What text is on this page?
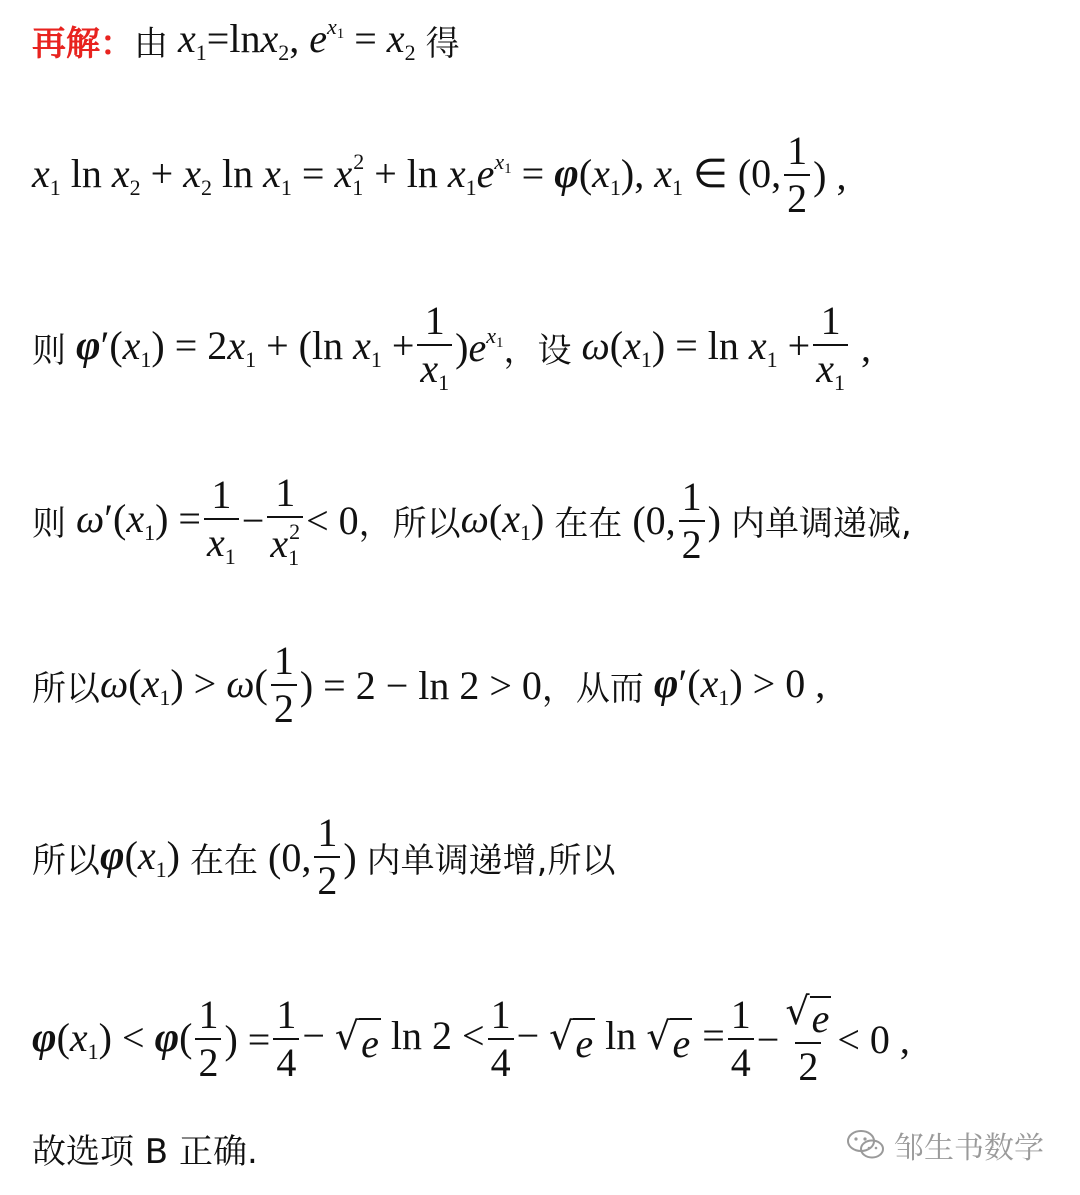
再解： 由 $x_1=\ln x_2$, $e^{x1} = x_2$ 得
$x_1$ $\ln x_2 + x_2$ $\ln x_1 = x_1^2 + \ln x_1e^{x1} = \varphi(x_1)$, $x_1$ ∈ (0, $\frac{1}{2}$ ) ,
则 $\varphi'(x_1) = 2x_1 + (\ln$ $x_1 + \frac{1}{x_1} )e^{x1}$ ， 设 $\omega(x_1) = \ln x_1 + \frac{1}{x_1}$ ,
则 $\omega'(x_1) = \frac{1}{x_1} - \frac{1}{x_1^2} < 0$ ， 所以 $\omega(x_1)$ 在在 (0, $\frac{1}{2}$ ) 内单调递减,
所以 $\omega(x_1) > \omega( \frac{1}{2}$ ) = 2 − ln 2 > 0 ， 从而 $\varphi'(x_1) > 0$ ,
所以 $\varphi(x_1)$ 在在 (0, $\frac{1}{2}$ ) 内单调递增, 所以
$\varphi(x_1) < \varphi( \frac{1}{2}$ ) = $\frac{1}{4}$ − √ e $\ln 2 < \frac{1}{4}$ − √ e ln √ $e = \frac{1}{4} - \frac{√ e}{2} < 0$ ,
故选项 B 正确.	邹生书数学
